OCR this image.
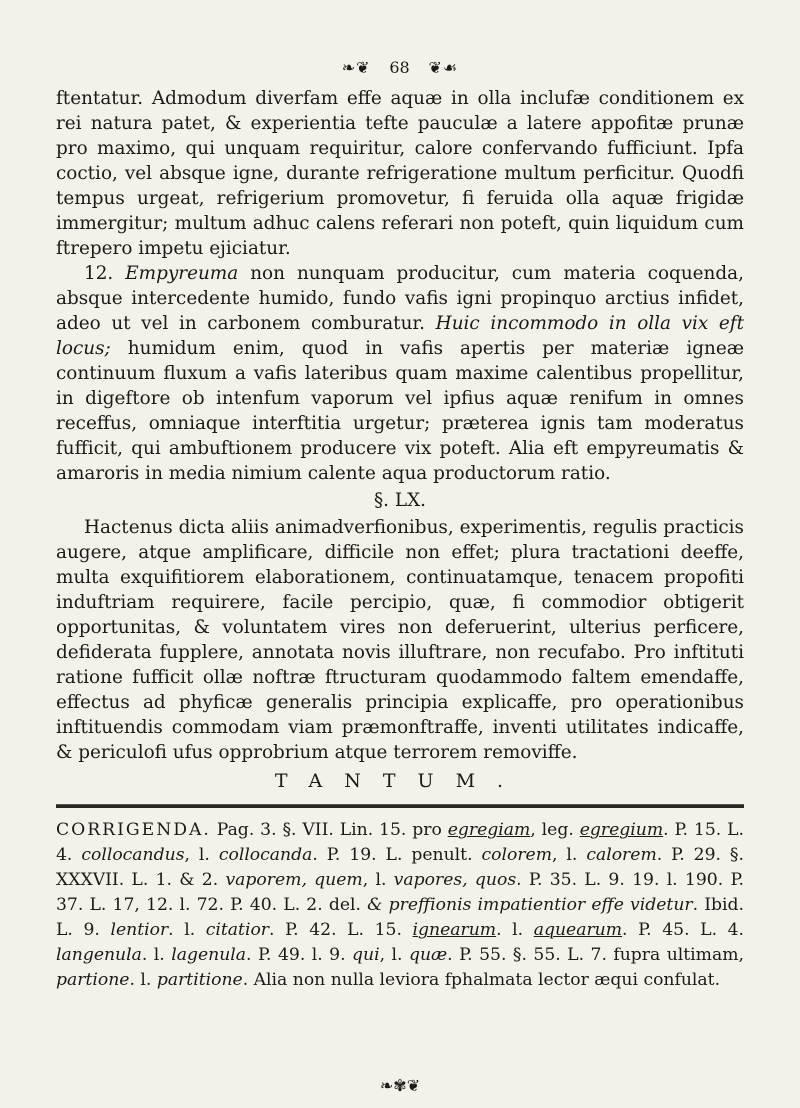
❧❦ 68 ❦☙

ftentatur. Admodum diverfam effe aquæ in olla inclufæ conditionem ex rei natura patet, & experientia tefte pauculæ a latere appofitæ prunæ pro maximo, qui unquam requiritur, calore confervando fufficiunt. Ipfa coctio, vel absque igne, durante refrigeratione multum perficitur. Quodfi tempus urgeat, refrigerium promovetur, fi feruida olla aquæ frigidæ immergitur; multum adhuc calens referari non poteft, quin liquidum cum ftrepero impetu ejiciatur.

12. Empyreuma non nunquam producitur, cum materia coquenda, absque intercedente humido, fundo vafis igni propinquo arctius infidet, adeo ut vel in carbonem comburatur. Huic incommodo in olla vix eft locus; humidum enim, quod in vafis apertis per materiæ igneæ continuum fluxum a vafis lateribus quam maxime calentibus propellitur, in digeftore ob intenfum vaporum vel ipfius aquæ renifum in omnes receffus, omniaque interftitia urgetur; præterea ignis tam moderatus fufficit, qui ambuftionem producere vix poteft. Alia eft empyreumatis & amaroris in media nimium calente aqua productorum ratio.

§. LX.

Hactenus dicta aliis animadverfionibus, experimentis, regulis practicis augere, atque amplificare, difficile non effet; plura tractationi deeffe, multa exquifitiorem elaborationem, continuatamque, tenacem propofiti induftriam requirere, facile percipio, quæ, fi commodior obtigerit opportunitas, & voluntatem vires non deferuerint, ulterius perficere, defiderata fupplere, annotata novis illuftrare, non recufabo. Pro inftituti ratione fufficit ollæ noftræ ftructuram quodammodo faltem emendaffe, effectus ad phyficæ generalis principia explicaffe, pro operationibus inftituendis commodam viam præmonftraffe, inventi utilitates indicaffe, & periculofi ufus opprobrium atque terrorem removiffe.

TANTUM.

CORRIGENDA. Pag. 3. §. VII. Lin. 15. pro egregiam, leg. egregium. P. 15. L. 4. collocandus, l. collocanda. P. 19. L. penult. colorem, l. calorem. P. 29. §. XXXVII. L. 1. & 2. vaporem, quem, l. vapores, quos. P. 35. L. 9. 19. l. 190. P. 37. L. 17, 12. l. 72. P. 40. L. 2. del. & preffionis impatientior effe videtur. Ibid. L. 9. lentior. l. citatior. P. 42. L. 15. ignearum. l. aquearum. P. 45. L. 4. langenula. l. lagenula. P. 49. l. 9. qui, l. quæ. P. 55. §. 55. L. 7. fupra ultimam, partione. l. partitione. Alia non nulla leviora fphalmata lector æqui confulat.

❧✾❦
